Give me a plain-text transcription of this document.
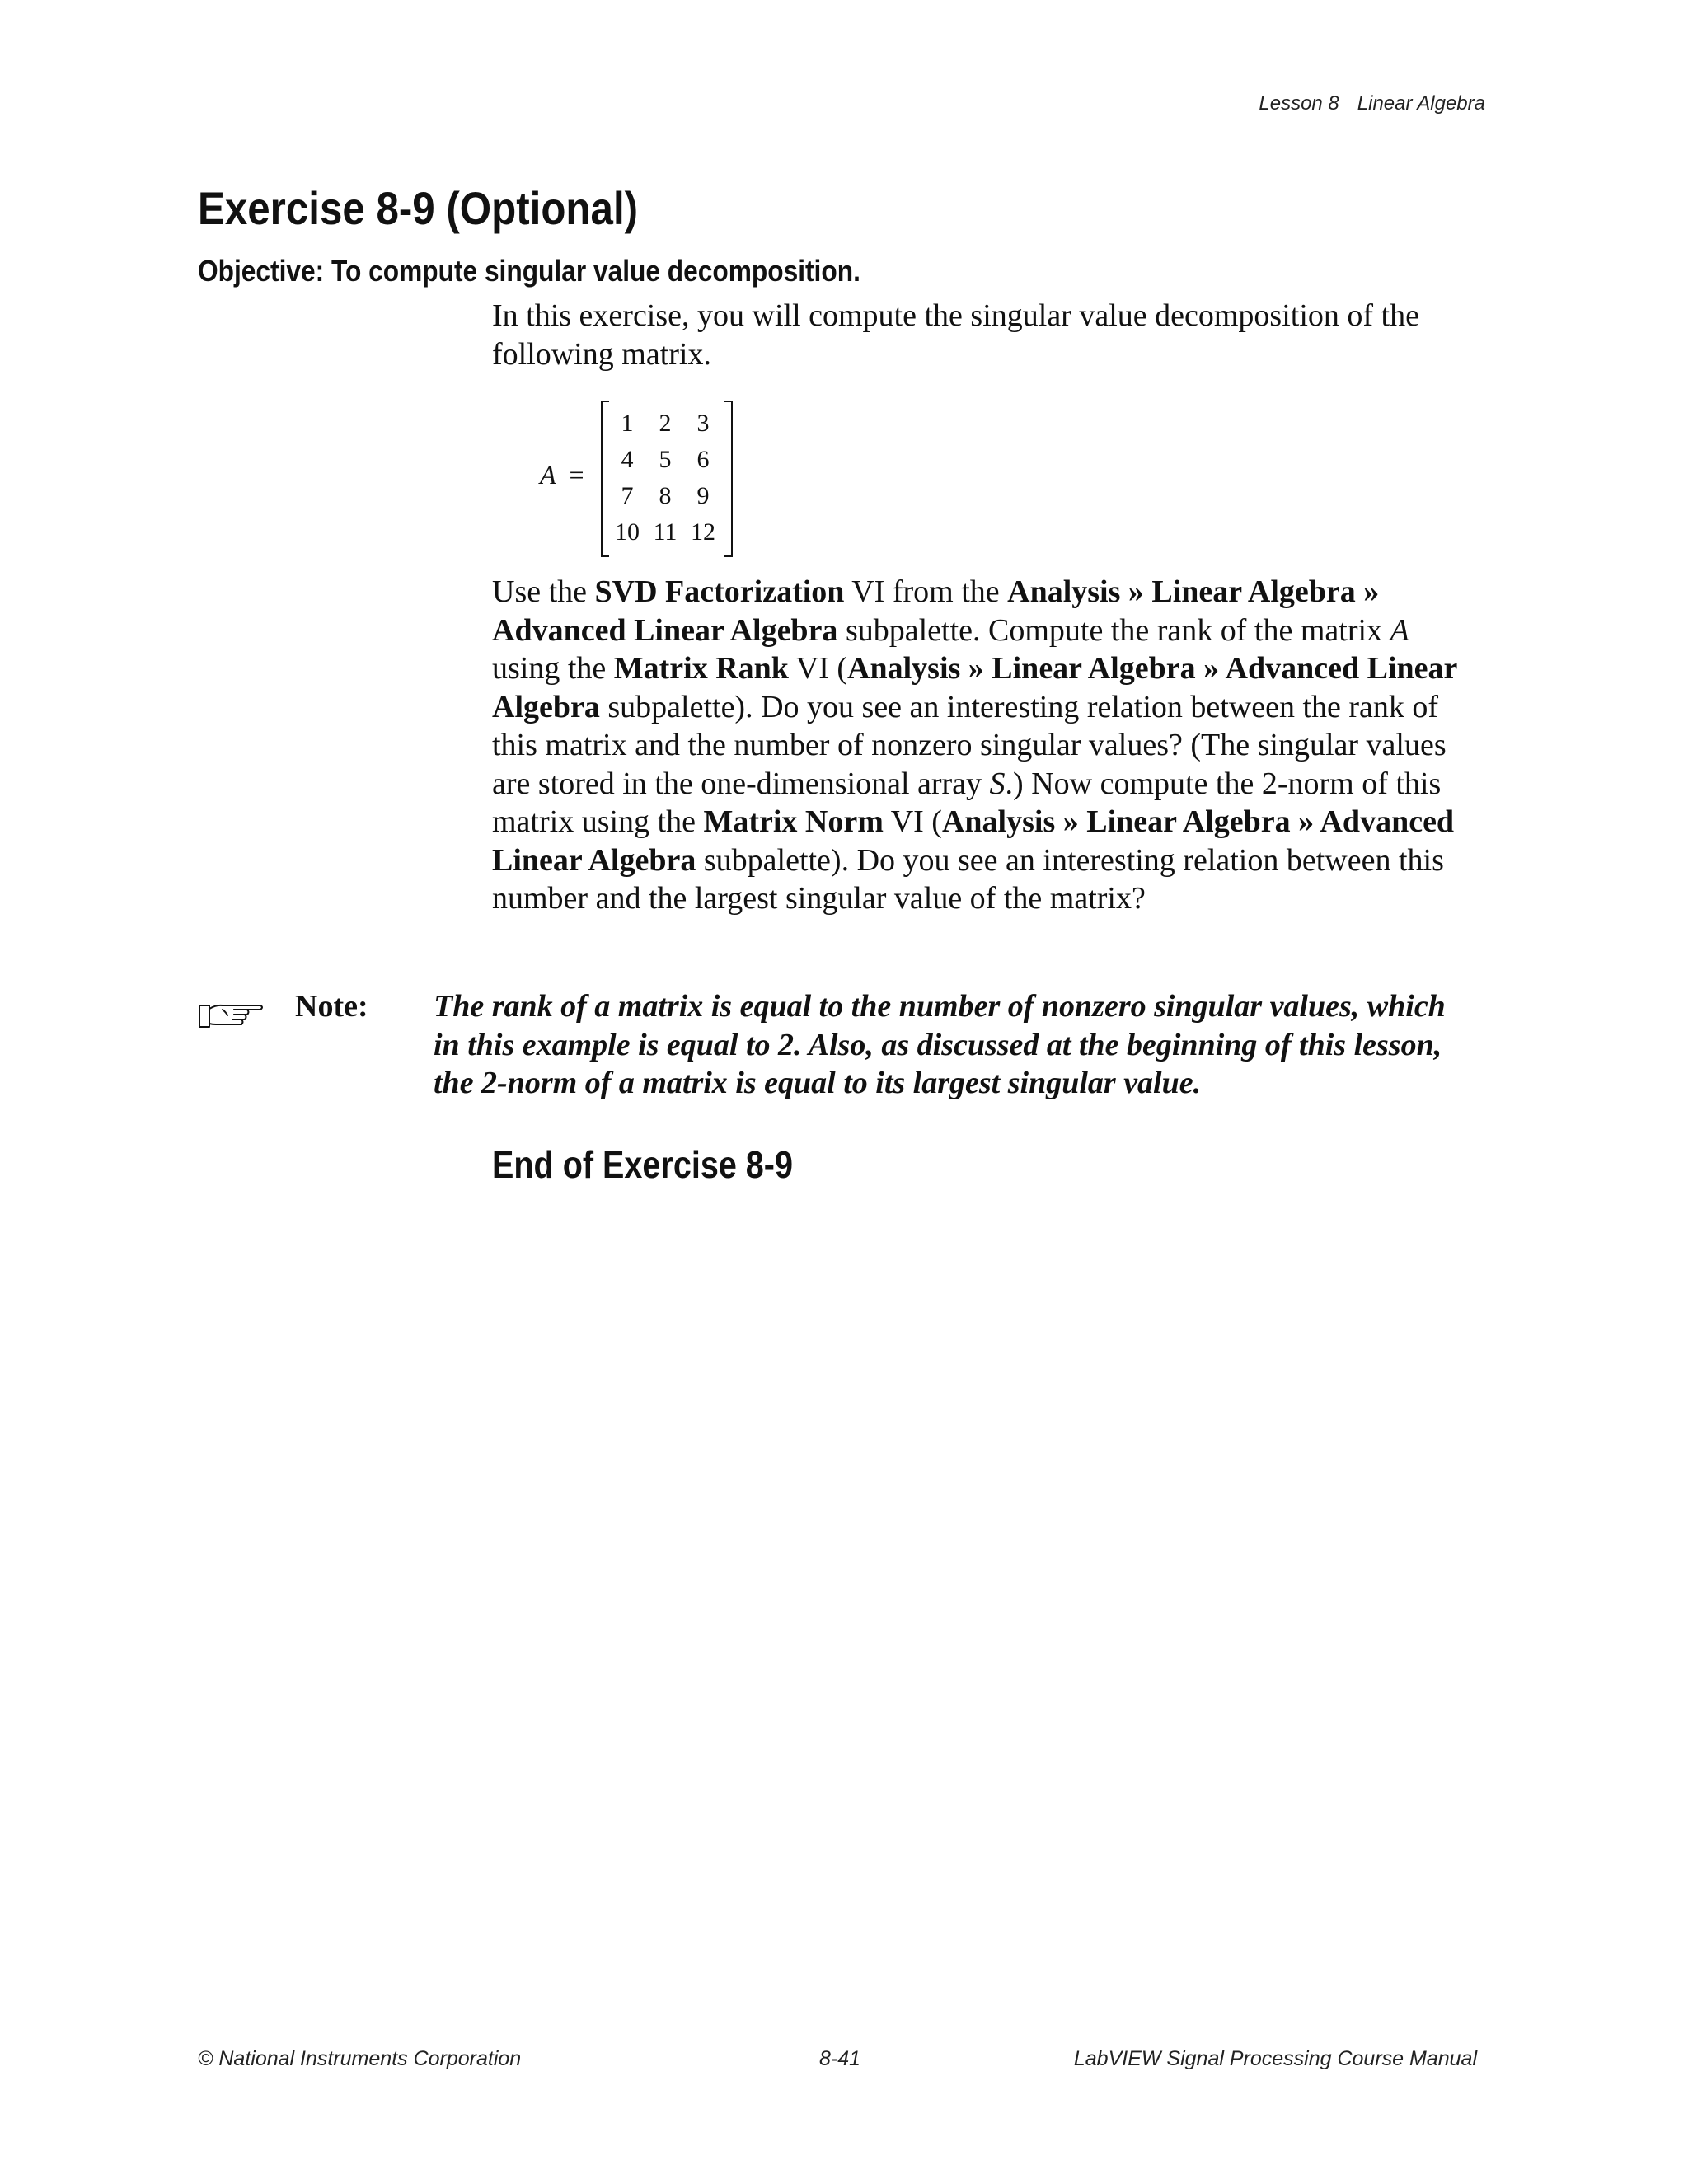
Lesson 8 Linear Algebra
Exercise 8-9 (Optional)
Objective: To compute singular value decomposition.

In this exercise, you will compute the singular value decomposition of the following matrix.

A =
1	2	3
4	5	6
7	8	9
10 11 12

Use the SVD Factorization VI from the Analysis » Linear Algebra » Advanced Linear Algebra subpalette. Compute the rank of the matrix A using the Matrix Rank VI (Analysis » Linear Algebra » Advanced Linear Algebra subpalette). Do you see an interesting relation between the rank of this matrix and the number of nonzero singular values? (The singular values are stored in the one-dimensional array S.) Now compute the 2-norm of this matrix using the Matrix Norm VI (Analysis » Linear Algebra » Advanced Linear Algebra subpalette). Do you see an interesting relation between this number and the largest singular value of the matrix?

Note: The rank of a matrix is equal to the number of nonzero singular values, which in this example is equal to 2. Also, as discussed at the beginning of this lesson, the 2-norm of a matrix is equal to its largest singular value.

End of Exercise 8-9
© National Instruments Corporation	8-41	LabVIEW Signal Processing Course Manual
